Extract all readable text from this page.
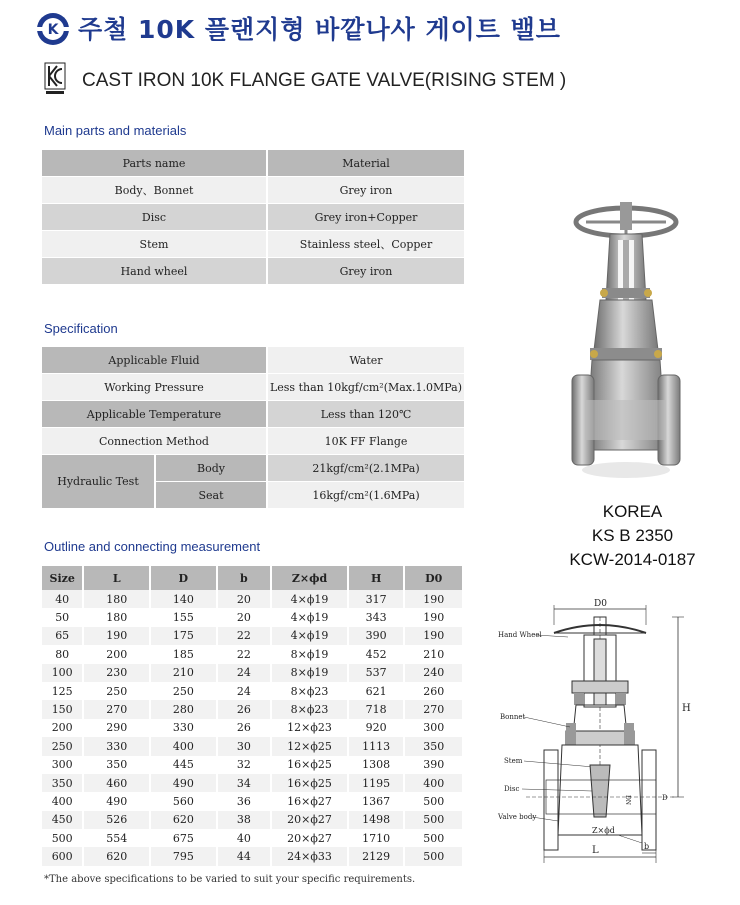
K 주철 10K 플랜지형 바깥나사 게이트 밸브
CAST IRON 10K FLANGE GATE VALVE(RISING STEM )
Main parts and materials
Parts name	Material
Body、Bonnet	Grey iron
Disc	Grey iron+Copper
Stem	Stainless steel、Copper
Hand wheel	Grey iron
Specification
Applicable Fluid		Water
Working Pressure		Less than 10kgf/cm²(Max.1.0MPa)
Applicable Temperature		Less than 120℃
Connection Method		10K FF Flange
Hydraulic Test	Body	21kgf/cm²(2.1MPa)
	Seat	16kgf/cm²(1.6MPa)
Outline and connecting measurement
Size	L	D	b	Z×ϕd	H	D0
40	180	140	20	4×ϕ19	317	190
50	180	155	20	4×ϕ19	343	190
65	190	175	22	4×ϕ19	390	190
80	200	185	22	8×ϕ19	452	210
100	230	210	24	8×ϕ19	537	240
125	250	250	24	8×ϕ23	621	260
150	270	280	26	8×ϕ23	718	270
200	290	330	26	12×ϕ23	920	300
250	330	400	30	12×ϕ25	1113	350
300	350	445	32	16×ϕ25	1308	390
350	460	490	34	16×ϕ25	1195	400
400	490	560	36	16×ϕ27	1367	500
450	526	620	38	20×ϕ27	1498	500
500	554	675	40	20×ϕ27	1710	500
600	620	795	44	24×ϕ33	2129	500
*The above specifications to be varied to suit your specific requirements.
KOREA
KS B 2350
KCW-2014-0187
D0
Hand Wheel
Bonnet
Stem
Disc
Valve body
DN	D
H
Z×ϕd
b
L
